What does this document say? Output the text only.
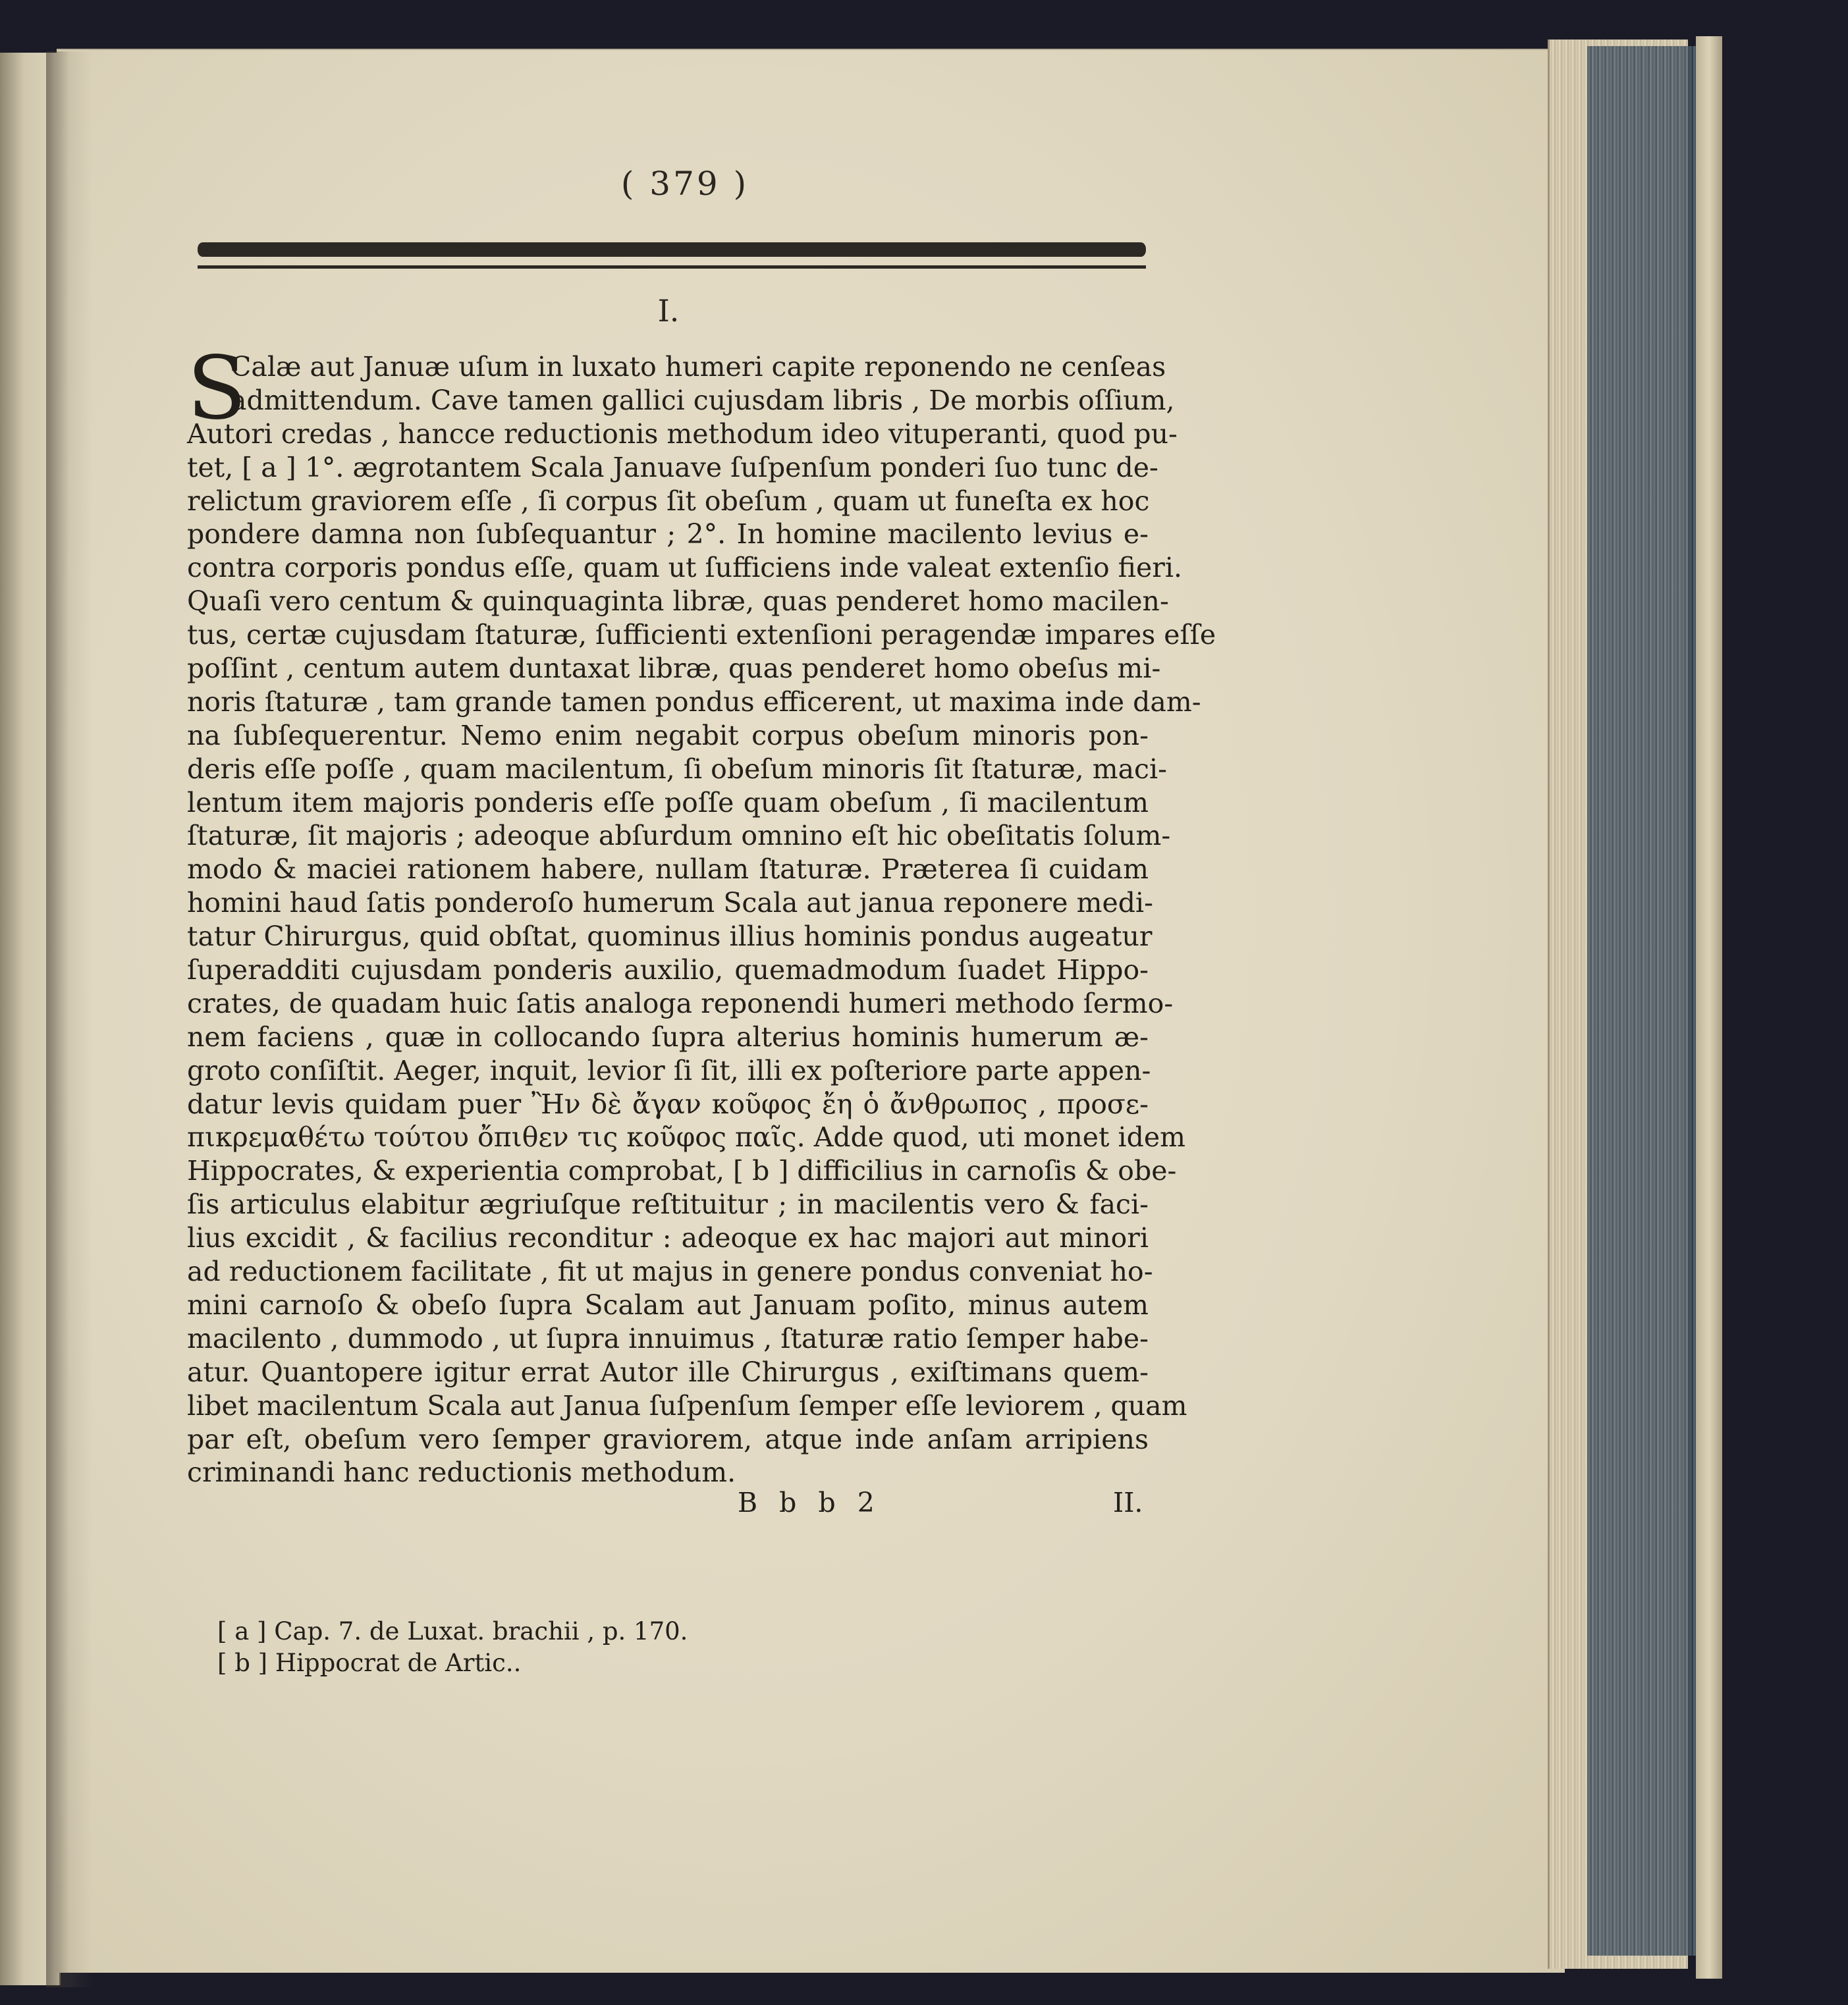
( 379 )
I.
S
Calæ aut Januæ uſum in luxato humeri capite reponendo ne cenſeas
admittendum. Cave tamen gallici cujusdam libris , De morbis oſſium,
Autori credas , hancce reductionis methodum ideo vituperanti, quod pu-
tet, [ a ] 1°. ægrotantem Scala Januave ſuſpenſum ponderi ſuo tunc de-
relictum graviorem eſſe , ſi corpus ſit obeſum , quam ut funeſta ex hoc
pondere damna non ſubſequantur ; 2°. In homine macilento levius e-
contra corporis pondus eſſe, quam ut ſufficiens inde valeat extenſio fieri.
Quaſi vero centum & quinquaginta libræ, quas penderet homo macilen-
tus, certæ cujusdam ſtaturæ, ſufficienti extenſioni peragendæ impares eſſe
poſſint , centum autem duntaxat libræ, quas penderet homo obeſus mi-
noris ſtaturæ , tam grande tamen pondus efficerent, ut maxima inde dam-
na ſubſequerentur. Nemo enim negabit corpus obeſum minoris pon-
deris eſſe poſſe , quam macilentum, ſi obeſum minoris ſit ſtaturæ, maci-
lentum item majoris ponderis eſſe poſſe quam obeſum , ſi macilentum
ſtaturæ, ſit majoris ; adeoque abſurdum omnino eſt hic obeſitatis ſolum-
modo & maciei rationem habere, nullam ſtaturæ. Præterea ſi cuidam
homini haud ſatis ponderoſo humerum Scala aut janua reponere medi-
tatur Chirurgus, quid obſtat, quominus illius hominis pondus augeatur
ſuperadditi cujusdam ponderis auxilio, quemadmodum ſuadet Hippo-
crates, de quadam huic ſatis analoga reponendi humeri methodo ſermo-
nem faciens , quæ in collocando ſupra alterius hominis humerum æ-
groto conſiſtit. Aeger, inquit, levior ſi ſit, illi ex poſteriore parte appen-
datur levis quidam puer Ἢν δὲ ἄγαν κοῦφος ἔη ὁ ἄνθρωπος , προσε-
πικρεμαθέτω τούτου ὄπιθεν τις κοῦφος παῖς. Adde quod, uti monet idem
Hippocrates, & experientia comprobat, [ b ] difficilius in carnoſis & obe-
ſis articulus elabitur ægriuſque reſtituitur ; in macilentis vero & faci-
lius excidit , & facilius reconditur : adeoque ex hac majori aut minori
ad reductionem facilitate , fit ut majus in genere pondus conveniat ho-
mini carnoſo & obeſo ſupra Scalam aut Januam poſito, minus autem
macilento , dummodo , ut ſupra innuimus , ſtaturæ ratio ſemper habe-
atur. Quantopere igitur errat Autor ille Chirurgus , exiſtimans quem-
libet macilentum Scala aut Janua ſuſpenſum ſemper eſſe leviorem , quam
par eſt, obeſum vero ſemper graviorem, atque inde anſam arripiens
criminandi hanc reductionis methodum.
B b b 2	II.
[ a ] Cap. 7. de Luxat. brachii , p. 170.
[ b ] Hippocrat de Artic..
